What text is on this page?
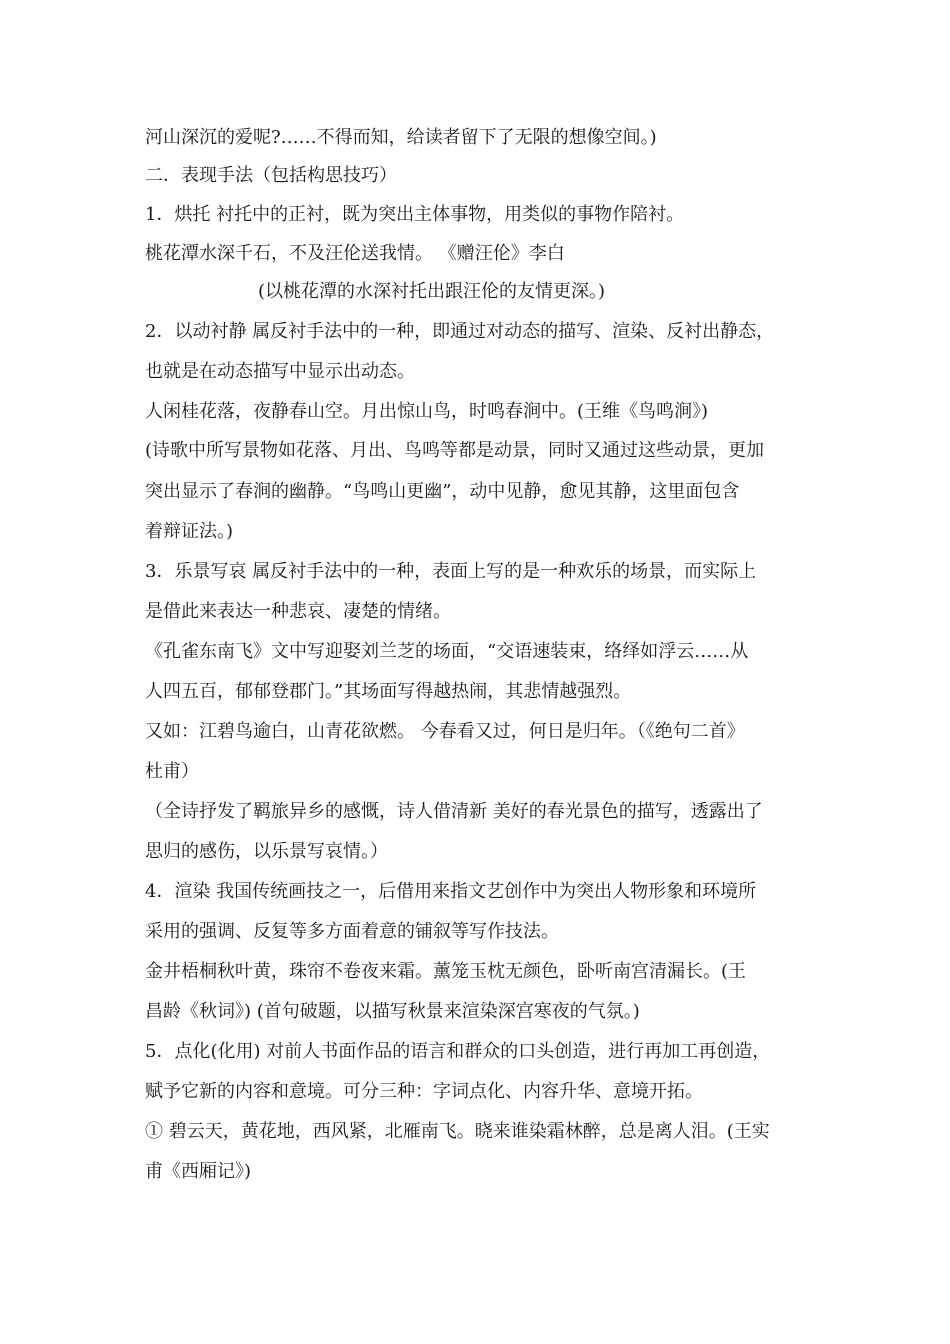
河山深沉的爱呢?……不得而知，给读者留下了无限的想像空间。)
二．表现手法（包括构思技巧）
1．烘托 衬托中的正衬，既为突出主体事物，用类似的事物作陪衬。
桃花潭水深千石，不及汪伦送我情。 《赠汪伦》李白
(以桃花潭的水深衬托出跟汪伦的友情更深。)
2．以动衬静 属反衬手法中的一种，即通过对动态的描写、渲染、反衬出静态，
也就是在动态描写中显示出动态。
人闲桂花落，夜静春山空。月出惊山鸟，时鸣春涧中。(王维《鸟鸣涧》)
(诗歌中所写景物如花落、月出、鸟鸣等都是动景，同时又通过这些动景，更加
突出显示了春涧的幽静。“鸟鸣山更幽”，动中见静，愈见其静，这里面包含
着辩证法。)
3．乐景写哀 属反衬手法中的一种，表面上写的是一种欢乐的场景，而实际上
是借此来表达一种悲哀、凄楚的情绪。
《孔雀东南飞》文中写迎娶刘兰芝的场面，“交语速装束，络绎如浮云……从
人四五百，郁郁登郡门。”其场面写得越热闹，其悲情越强烈。
又如：江碧鸟逾白，山青花欲燃。 今春看又过，何日是归年。（《绝句二首》
杜甫）
（全诗抒发了羁旅异乡的感慨，诗人借清新 美好的春光景色的描写，透露出了
思归的感伤，以乐景写哀情。）
4．渲染 我国传统画技之一，后借用来指文艺创作中为突出人物形象和环境所
采用的强调、反复等多方面着意的铺叙等写作技法。
金井梧桐秋叶黄，珠帘不卷夜来霜。薰笼玉枕无颜色，卧听南宫清漏长。(王
昌龄《秋词》) (首句破题，以描写秋景来渲染深宫寒夜的气氛。)
5．点化(化用) 对前人书面作品的语言和群众的口头创造，进行再加工再创造，
赋予它新的内容和意境。可分三种：字词点化、内容升华、意境开拓。
① 碧云天，黄花地，西风紧，北雁南飞。晓来谁染霜林醉，总是离人泪。(王实
甫《西厢记》)
